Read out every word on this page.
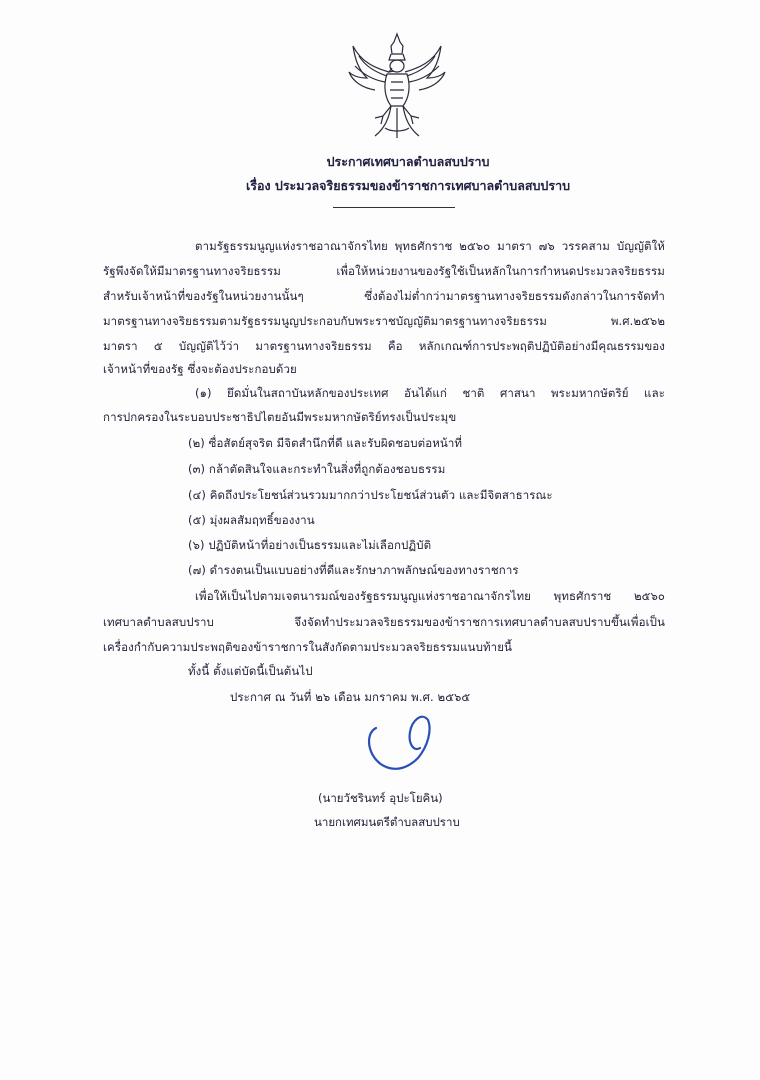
ประกาศเทศบาลตำบลสบปราบ
เรื่อง ประมวลจริยธรรมของข้าราชการเทศบาลตำบลสบปราบ
ตามรัฐธรรมนูญแห่งราชอาณาจักรไทย พุทธศักราช ๒๕๖๐ มาตรา ๗๖ วรรคสาม บัญญัติให้
รัฐพึงจัดให้มีมาตรฐานทางจริยธรรม เพื่อให้หน่วยงานของรัฐใช้เป็นหลักในการกำหนดประมวลจริยธรรม
สำหรับเจ้าหน้าที่ของรัฐในหน่วยงานนั้นๆ ซึ่งต้องไม่ต่ำกว่ามาตรฐานทางจริยธรรมดังกล่าวในการจัดทำ
มาตรฐานทางจริยธรรมตามรัฐธรรมนูญประกอบกับพระราชบัญญัติมาตรฐานทางจริยธรรม พ.ศ.๒๕๖๒
มาตรา ๕ บัญญัติไว้ว่า มาตรฐานทางจริยธรรม คือ หลักเกณฑ์การประพฤติปฏิบัติอย่างมีคุณธรรมของ
เจ้าหน้าที่ของรัฐ ซึ่งจะต้องประกอบด้วย
(๑) ยึดมั่นในสถาบันหลักของประเทศ อันได้แก่ ชาติ ศาสนา พระมหากษัตริย์ และ
การปกครองในระบอบประชาธิปไตยอันมีพระมหากษัตริย์ทรงเป็นประมุข
(๒) ซื่อสัตย์สุจริต มีจิตสำนึกที่ดี และรับผิดชอบต่อหน้าที่
(๓) กล้าตัดสินใจและกระทำในสิ่งที่ถูกต้องชอบธรรม
(๔) คิดถึงประโยชน์ส่วนรวมมากกว่าประโยชน์ส่วนตัว และมีจิตสาธารณะ
(๕) มุ่งผลสัมฤทธิ์ของงาน
(๖) ปฏิบัติหน้าที่อย่างเป็นธรรมและไม่เลือกปฏิบัติ
(๗) ดำรงตนเป็นแบบอย่างที่ดีและรักษาภาพลักษณ์ของทางราชการ
เพื่อให้เป็นไปตามเจตนารมณ์ของรัฐธรรมนูญแห่งราชอาณาจักรไทย พุทธศักราช ๒๕๖๐
เทศบาลตำบลสบปราบ จึงจัดทำประมวลจริยธรรมของข้าราชการเทศบาลตำบลสบปราบขึ้นเพื่อเป็น
เครื่องกำกับความประพฤติของข้าราชการในสังกัดตามประมวลจริยธรรมแนบท้ายนี้
ทั้งนี้ ตั้งแต่บัดนี้เป็นต้นไป
ประกาศ ณ วันที่ ๒๖ เดือน มกราคม พ.ศ. ๒๕๖๕
(นายวัชรินทร์ อุปะโยคิน)
นายกเทศมนตรีตำบลสบปราบ
